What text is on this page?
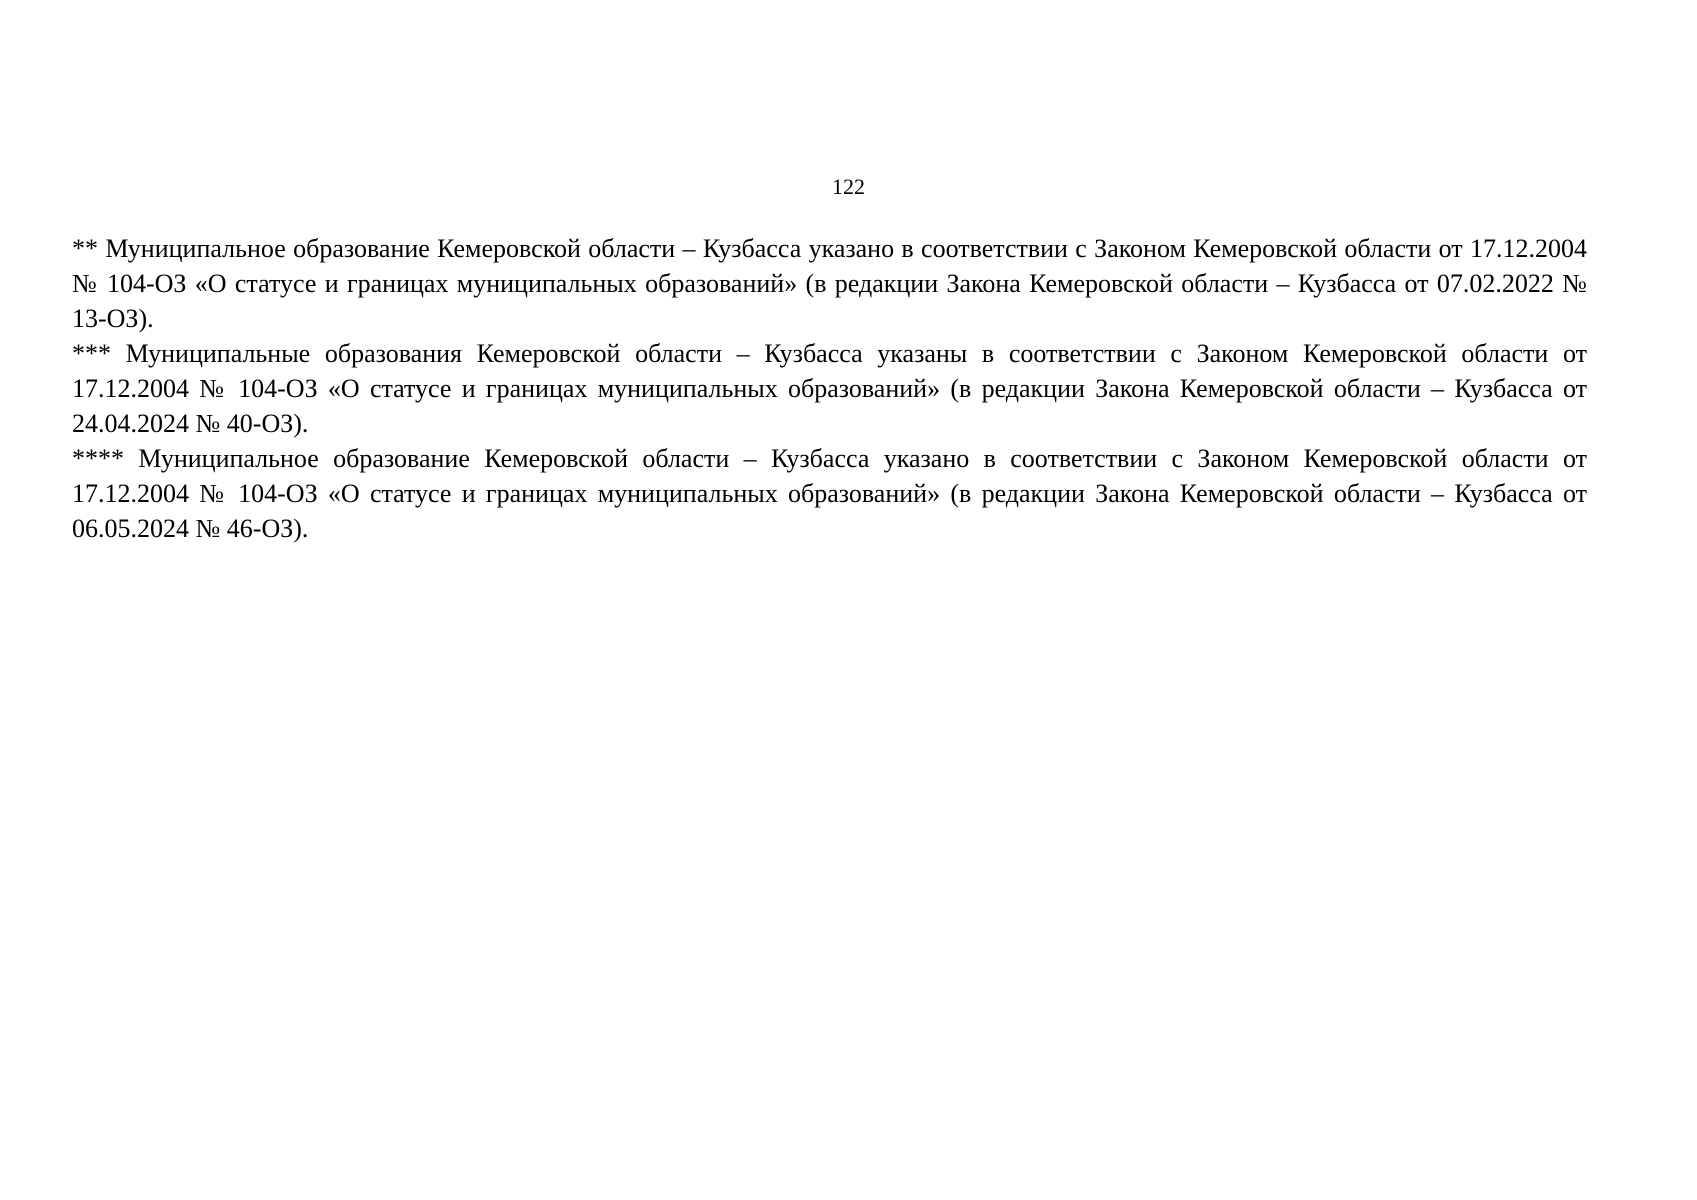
122

** Муниципальное образование Кемеровской области – Кузбасса указано в соответствии с Законом Кемеровской области от 17.12.2004 № 104-ОЗ «О статусе и границах муниципальных образований» (в редакции Закона Кемеровской области – Кузбасса от 07.02.2022 № 13-ОЗ).

*** Муниципальные образования Кемеровской области – Кузбасса указаны в соответствии с Законом Кемеровской области от 17.12.2004 № 104-ОЗ «О статусе и границах муниципальных образований» (в редакции Закона Кемеровской области – Кузбасса от 24.04.2024 № 40-ОЗ).

**** Муниципальное образование Кемеровской области – Кузбасса указано в соответствии с Законом Кемеровской области от 17.12.2004 № 104-ОЗ «О статусе и границах муниципальных образований» (в редакции Закона Кемеровской области – Кузбасса от 06.05.2024 № 46-ОЗ).
